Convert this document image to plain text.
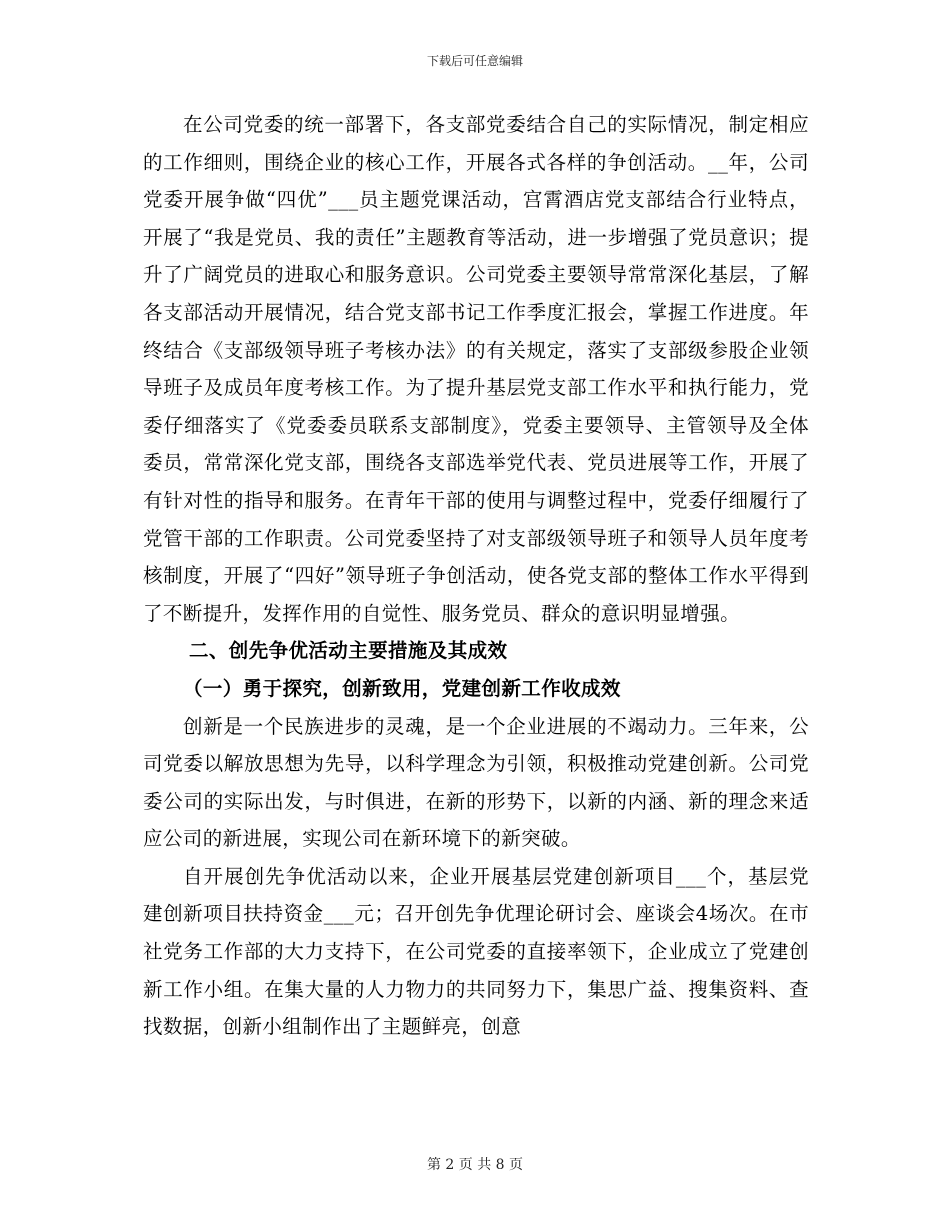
下载后可任意编辑

在公司党委的统一部署下，各支部党委结合自己的实际情况，制定相应的工作细则，围绕企业的核心工作，开展各式各样的争创活动。__年，公司党委开展争做“四优”___员主题党课活动，宫霄酒店党支部结合行业特点，开展了“我是党员、我的责任”主题教育等活动，进一步增强了党员意识；提升了广阔党员的进取心和服务意识。公司党委主要领导常常深化基层，了解各支部活动开展情况，结合党支部书记工作季度汇报会，掌握工作进度。年终结合《支部级领导班子考核办法》的有关规定，落实了支部级参股企业领导班子及成员年度考核工作。为了提升基层党支部工作水平和执行能力，党委仔细落实了《党委委员联系支部制度》，党委主要领导、主管领导及全体委员，常常深化党支部，围绕各支部选举党代表、党员进展等工作，开展了有针对性的指导和服务。在青年干部的使用与调整过程中，党委仔细履行了党管干部的工作职责。公司党委坚持了对支部级领导班子和领导人员年度考核制度，开展了“四好”领导班子争创活动，使各党支部的整体工作水平得到了不断提升，发挥作用的自觉性、服务党员、群众的意识明显增强。

二、创先争优活动主要措施及其成效

（一）勇于探究，创新致用，党建创新工作收成效

创新是一个民族进步的灵魂，是一个企业进展的不竭动力。三年来，公司党委以解放思想为先导，以科学理念为引领，积极推动党建创新。公司党委公司的实际出发，与时俱进，在新的形势下，以新的内涵、新的理念来适应公司的新进展，实现公司在新环境下的新突破。

自开展创先争优活动以来，企业开展基层党建创新项目___个，基层党建创新项目扶持资金___元；召开创先争优理论研讨会、座谈会4场次。在市社党务工作部的大力支持下，在公司党委的直接率领下，企业成立了党建创新工作小组。在集大量的人力物力的共同努力下，集思广益、搜集资料、查找数据，创新小组制作出了主题鲜亮，创意

第 2 页 共 8 页
